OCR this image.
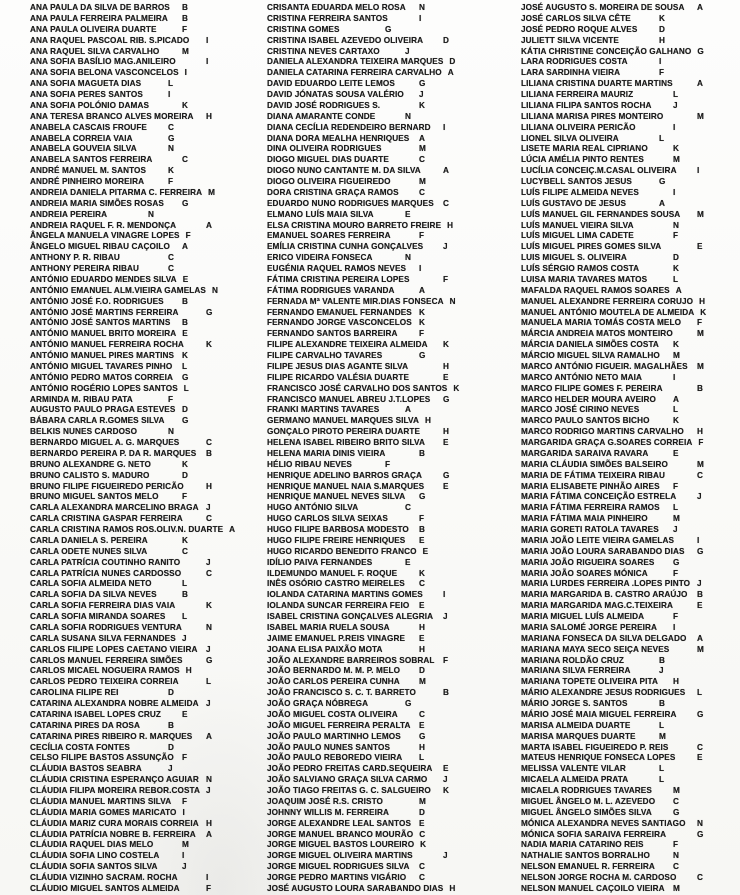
ANA PAULA DA SILVA DE BARROS B
ANA PAULA FERREIRA PALMEIRA B
ANA PAULA OLIVEIRA DUARTE	F
ANA RAQUEL PASCOAL RIB. S.PICADO I
ANA RAQUEL SILVA CARVALHO	M
ANA SOFIA BASÍLIO MAG.ANILEIRO	I
ANA SOFIA BELONA VASCONCELOS I
ANA SOFIA MAGUETA DIAS	L
ANA SOFIA PERES SANTOS	I
ANA SOFIA POLÓNIO DAMAS	K
ANA TERESA BRANCO ALVES MOREIRA H
ANABELA CASCAIS FROUFE	C
ANABELA CORREIA VAIA	G
ANABELA GOUVEIA SILVA	N
ANABELA SANTOS FERREIRA	C
ANDRÉ MANUEL M. SANTOS	K
ANDRÉ PINHEIRO MOREIRA	F
ANDREIA DANIELA PITARMA C. FERREIRA M
ANDREIA MARIA SIMÕES ROSAS G
ANDREIA PEREIRA	N
ANDREIA RAQUEL F. R. MENDONÇA	A
ÂNGELA MANUELA VINAGRE LOPES F
ÂNGELO MIGUEL RIBAU CAÇOILO A
ANTHONY P. R. RIBAU	C
ANTHONY PEREIRA RIBAU	C
ANTÓNIO EDUARDO MENDES SILVA E
ANTÓNIO EMANUEL ALM.VIEIRA GAMELAS N
ANTÓNIO JOSÉ F.O. RODRIGUES B
ANTÓNIO JOSÉ MARTINS FERREIRA	G
ANTÓNIO JOSÉ SANTOS MARTINS B
ANTÓNIO MANUEL BRITO MOREIRA E
ANTÓNIO MANUEL FERREIRA ROCHA	K
ANTÓNIO MANUEL PIRES MARTINS K
ANTÓNIO MIGUEL TAVARES PINHO L
ANTÓNIO PEDRO MATOS CORREIA G
ANTÓNIO ROGÉRIO LOPES SANTOS L
ARMINDA M. RIBAU PATA	F
AUGUSTO PAULO PRAGA ESTEVES D
BÁBARA CARLA R.GOMES SILVA G
BELKIS NUNES CARDOSO	N
BERNARDO MIGUEL A. G. MARQUES	C
BERNARDO PEREIRA P. DA R. MARQUES B
BRUNO ALEXANDRE G. NETO	K
BRUNO CALISTO S. MADURO	D
BRUNO FILIPE FIGUEIREDO PERICÃO	H
BRUNO MIGUEL SANTOS MELO	F
CARLA ALEXANDRA MARCELINO BRAGA J
CARLA CRISTINA GASPAR FERREIRA	C
CARLA CRISTINA RAMOS ROS.OLIV.N. DUARTE A
CARLA DANIELA S. PEREIRA	K
CARLA ODETE NUNES SILVA	C
CARLA PATRÍCIA COUTINHO RANITO	J
CARLA PATRÍCIA NUNES CARDOSSO	C
CARLA SOFIA ALMEIDA NETO	L
CARLA SOFIA DA SILVA NEVES	B
CARLA SOFIA FERREIRA DIAS VAIA	K
CARLA SOFIA MIRANDA SOARES L
CARLA SOFIA RODRIGUES VENTURA	N
CARLA SUSANA SILVA FERNANDES J
CARLOS FILIPE LOPES CAETANO VIEIRA J
CARLOS MANUEL FERREIRA SIMÕES	G
CARLOS MICAEL NOGUEIRA RAMOS H
CARLOS PEDRO TEIXEIRA CORREIA	L
CAROLINA FILIPE REI	D
CATARINA ALEXANDRA NOBRE ALMEIDA J
CATARINA ISABEL LOPES CRUZ	E
CATARINA PIRES DA ROSA	B
CATARINA PIRES RIBEIRO R. MARQUES A
CECÍLIA COSTA FONTES	D
CELSO FILIPE BASTOS ASSUNÇÃO F
CLÁUDIA BASTOS SEABRA	J
CLÁUDIA CRISTINA ESPERANÇO AGUIAR N
CLÁUDIA FILIPA MOREIRA REBOR.COSTA J
CLÁUDIA MANUEL MARTINS SILVA F
CLÁUDIA MARIA GOMES MARICATO I
CLÁUDIA MARIZ CURA MORAIS CORREIA H
CLÁUDIA PATRÍCIA NOBRE B. FERREIRA A
CLÁUDIA RAQUEL DIAS MELO	M
CLÁUDIA SOFIA LINO COSTELA	I
CLÁUDIA SOFIA SANTOS SILVA	J
CLÁUDIA VIZINHO SACRAM. ROCHA	I
CLÁUDIO MIGUEL SANTOS ALMEIDA	F
CRISANTA EDUARDA MELO ROSA N
CRISTINA FERREIRA SANTOS	I
CRISTINA GOMES	G
CRISTINA ISABEL AZEVEDO OLIVEIRA D
CRISTINA NEVES CARTAXO	J
DANIELA ALEXANDRA TEIXEIRA MARQUES D
DANIELA CATARINA FERREIRA CARVALHO A
DAVID EDUARDO LEITE LEMOS	G
DAVID JÓNATAS SOUSA VALÉRIO J
DAVID JOSÉ RODRIGUES S.	K
DIANA AMARANTE CONDE	N
DIANA CECÍLIA REDENDEIRO BERNARD I
DIANA DORA MEALHA HENRIQUES A
DINA OLIVEIRA RODRIGUES	M
DIOGO MIGUEL DIAS DUARTE	C
DIOGO NUNO CANTANTE M. DA SILVA	A
DIOGO OLIVEIRA FIGUEIREDO	M
DORA CRISTINA GRAÇA RAMOS C
EDUARDO NUNO RODRIGUES MARQUES C
ELMANO LUÍS MAIA SILVA	E
ELSA CRISTINA MOURO BARRETO FREIRE H
EMANUEL SOARES FERREIRA	F
EMÍLIA CRISTINA CUNHA GONÇALVES J
ERICO VIDEIRA FONSECA	N
EUGÉNIA RAQUEL RAMOS NEVES I
FÁTIMA CRISTINA PEREIRA LOPES	F
FÁTIMA RODRIGUES VARANDA	A
FERNADA Mª VALENTE MIR.DIAS FONSECA N
FERNANDO EMANUEL FERNANDES K
FERNANDO JORGE VASCONCELOS K
FERNANDO SANTOS BARREIRA	F
FILIPE ALEXANDRE TEIXEIRA ALMEIDA K
FILIPE CARVALHO TAVARES	G
FILIPE JESUS DIAS AGANTE SILVA	H
FILIPE RICARDO VALÉSIA DUARTE	E
FRANCISCO JOSÉ CARVALHO DOS SANTOS K
FRANCISCO MANUEL ABREU J.T.LOPES G
FRANKI MARTINS TAVARES	A
GERMANO MANUEL MARQUES SILVA H
GONÇALO PIROTO PEREIRA DUARTE	H
HELENA ISABEL RIBEIRO BRITO SILVA E
HELENA MARIA DINIS VIEIRA	B
HÉLIO RIBAU NEVES	F
HENRIQUE ADELINO BARROS GRAÇA	G
HENRIQUE MANUEL NAIA S.MARQUES E
HENRIQUE MANUEL NEVES SILVA G
HUGO ANTÓNIO SILVA	C
HUGO CARLOS SILVA SEIXAS	F
HUGO FILIPE BARBOSA MODESTO B
HUGO FILIPE FREIRE HENRIQUES E
HUGO RICARDO BENEDITO FRANCO E
IDÍLIO PAIVA FERNANDES	E
ILDEMUNDO MANUEL F. ROQUE	K
INÊS OSÓRIO CASTRO MEIRELES C
IOLANDA CATARINA MARTINS GOMES I
IOLANDA SUNCAR FERREIRA FEIO E
ISABEL CRISTINA GONÇALVES ALEGRIA J
ISABEL MARIA RUELA SOUSA	H
JAIME EMANUEL P.REIS VINAGRE E
JOANA ELISA PAIXÃO MOTA	H
JOÃO ALEXANDRE BARREIROS SOBRAL F
JOÃO BERNARDO M. M. P. MELO D
JOÃO CARLOS PEREIRA CUNHA M
JOÃO FRANCISCO S. C. T. BARRETO	B
JOÃO GRAÇA NÓBREGA	G
JOÃO MIGUEL COSTA OLIVEIRA	C
JOÃO MIGUEL FERREIRA PERALTA E
JOÃO PAULO MARTINHO LEMOS G
JOÃO PAULO NUNES SANTOS	H
JOÃO PAULO REBOREDO VIEIRA L
JOÃO PEDRO FREITAS CARD.SEQUEIRA E
JOÃO SALVIANO GRAÇA SILVA CARMO J
JOÃO TIAGO FREITAS G. C. SALGUEIRO K
JOAQUIM JOSÉ R.S. CRISTO	M
JOHNNY WILLIS M. FERREIRA	D
JORGE ALEXANDRE LEAL SANTOS E
JORGE MANUEL BRANCO MOURÃO C
JORGE MIGUEL BASTOS LOUREIRO K
JORGE MIGUEL OLIVEIRA MARTINS	J
JORGE MIGUEL RODRIGUES SILVA C
JORGE PEDRO MARTINS VIGÁRIO C
JOSÉ AUGUSTO LOURA SARABANDO DIAS H
JOSÉ AUGUSTO S. MOREIRA DE SOUSA A
JOSÉ CARLOS SILVA CÊTE	K
JOSÉ PEDRO ROQUE ALVES	D
JULIETT SILVA VICENTE	H
KÁTIA CHRISTINE CONCEIÇÃO GALHANO G
LARA RODRIGUES COSTA	I
LARA SARDINHA VIEIRA	F
LILIANA CRISTINA DUARTE MARTINS	A
LILIANA FERREIRA MAURIZ	L
LILIANA FILIPA SANTOS ROCHA	J
LILIANA MARISA PIRES MONTEIRO	M
LILIANA OLIVEIRA PERICÃO	I
LIONEL SILVA OLIVEIRA	L
LISETE MARIA REAL CIPRIANO	K
LÚCIA AMÉLIA PINTO RENTES	M
LUCÍLIA CONCEIÇ.M.CASAL OLIVEIRA I
LUCYBELL SANTOS JESUS	G
LUÍS FILIPE ALMEIDA NEVES	I
LUÍS GUSTAVO DE JESUS	A
LUÍS MANUEL GIL FERNANDES SOUSA M
LUÍS MANUEL VIEIRA SILVA	N
LUÍS MIGUEL LIMA CADETE	F
LUÍS MIGUEL PIRES GOMES SILVA	E
LUIS MIGUEL S. OLIVEIRA	D
LUÍS SÉRGIO RAMOS COSTA	K
LUISA MARIA TAVARES MATOS	L
MAFALDA RAQUEL RAMOS SOARES A
MANUEL ALEXANDRE FERREIRA CORUJO H
MANUEL ANTÓNIO MOUTELA DE ALMEIDA K
MANUELA MARIA TOMÁS COSTA MELO F
MÁRCIA ANDREIA MATOS MONTEIRO	M
MÁRCIA DANIELA SIMÕES COSTA K
MÁRCIO MIGUEL SILVA RAMALHO M
MARCO ANTÓNIO FIGUEIR. MAGALHÃES M
MARCO ANTÓNIO NETO MAIA	I
MARCO FILIPE GOMES F. PEREIRA	B
MARCO HELDER MOURA AVEIRO A
MARCO JOSÉ CIRINO NEVES	L
MARCO PAULO SANTOS BICHO	K
MARCO RODRIGO MARTINS CARVALHO H
MARGARIDA GRAÇA G.SOARES CORREIA F
MARGARIDA SARAIVA RAVARA	E
MARIA CLÁUDIA SIMÕES BALSEIRO	M
MARIA DE FÁTIMA TEIXEIRA RIBAU	C
MARIA ELISABETE PINHÃO AIRES F
MARIA FÁTIMA CONCEIÇÃO ESTRELA	J
MARIA FÁTIMA FERREIRA RAMOS L
MARIA FÁTIMA MAIA PINHEIRO	M
MARIA GORETI RATOLA TAVARES J
MARIA JOÃO LEITE VIEIRA GAMELAS	I
MARIA JOÃO LOURA SARABANDO DIAS G
MARIA JOÃO RIGUEIRA SOARES G
MARIA JOÃO SOARES MÓNICA	F
MARIA LURDES FERREIRA .LOPES PINTO J
MARIA MARGARIDA B. CASTRO ARAÚJO B
MARIA MARGARIDA MAG.C.TEIXEIRA	E
MARIA MIGUEL LUÍS ALMEIDA	F
MARIA SALOMÉ JORGE PEREIRA I
MARIANA FONSECA DA SILVA DELGADO A
MARIANA MAYA SECO SEIÇA NEVES	M
MARIANA ROLDÃO CRUZ	B
MARIANA SILVA FERREIRA	J
MARIANA TOPETE OLIVEIRA PITA H
MÁRIO ALEXANDRE JESUS RODRIGUES L
MÁRIO JORGE S. SANTOS	B
MÁRIO JOSÉ MAIA MIGUEL FERREIRA	G
MARISA ALMEIDA DUARTE	L
MARISA MARQUES DUARTE	M
MARTA ISABEL FIGUEIREDO P. REIS	C
MATEUS HENRIQUE FONSECA LOPES	E
MELISSA VALENTE VILAR	L
MICAELA ALMEIDA PRATA	L
MICAELA RODRIGUES TAVARES	M
MIGUEL ÂNGELO M. L. AZEVEDO C
MIGUEL ÂNGELO SIMÕES SILVA	G
MÓNICA ALEXANDRA NEVES SANTIAGO N
MÓNICA SOFIA SARAIVA FERREIRA	G
NADIA MARIA CATARINO REIS	F
NATHALIE SANTOS BORRALHO	N
NELSON EMANUEL R. FERREIRA C
NELSON JORGE ROCHA M. CARDOSO	C
NELSON MANUEL CAÇOILO VIEIRA M
